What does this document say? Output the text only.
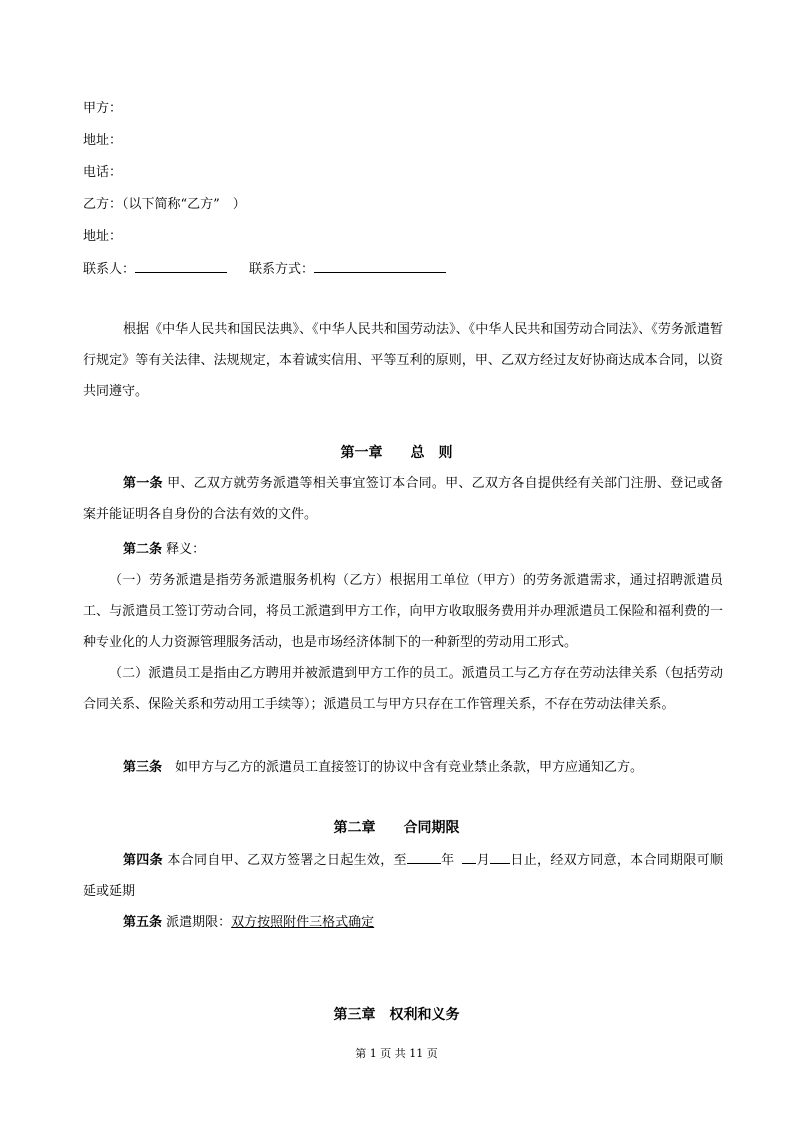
甲方：
地址：
电话：
乙方：（以下简称“乙方”　）
地址：
联系人：	联系方式：
根据《中华人民共和国民法典》、《中华人民共和国劳动法》、《中华人民共和国劳动合同法》、《劳务派遣暂行规定》等有关法律、法规规定，本着诚实信用、平等互利的原则，甲、乙双方经过友好协商达成本合同，以资共同遵守。
第一章　　总　则
第一条 甲、乙双方就劳务派遣等相关事宜签订本合同。甲、乙双方各自提供经有关部门注册、登记或备案并能证明各自身份的合法有效的文件。
第二条 释义：
（一）劳务派遣是指劳务派遣服务机构（乙方）根据用工单位（甲方）的劳务派遣需求，通过招聘派遣员工、与派遣员工签订劳动合同，将员工派遣到甲方工作，向甲方收取服务费用并办理派遣员工保险和福利费的一种专业化的人力资源管理服务活动，也是市场经济体制下的一种新型的劳动用工形式。
（二）派遣员工是指由乙方聘用并被派遣到甲方工作的员工。派遣员工与乙方存在劳动法律关系（包括劳动合同关系、保险关系和劳动用工手续等）；派遣员工与甲方只存在工作管理关系，不存在劳动法律关系。
第三条　如甲方与乙方的派遣员工直接签订的协议中含有竞业禁止条款，甲方应通知乙方。
第二章　　合同期限
第四条 本合同自甲、乙双方签署之日起生效，至	年 月 日止，经双方同意，本合同期限可顺延或延期
第五条 派遣期限：双方按照附件三格式确定
第三章　权利和义务
第 1 页 共 11 页
